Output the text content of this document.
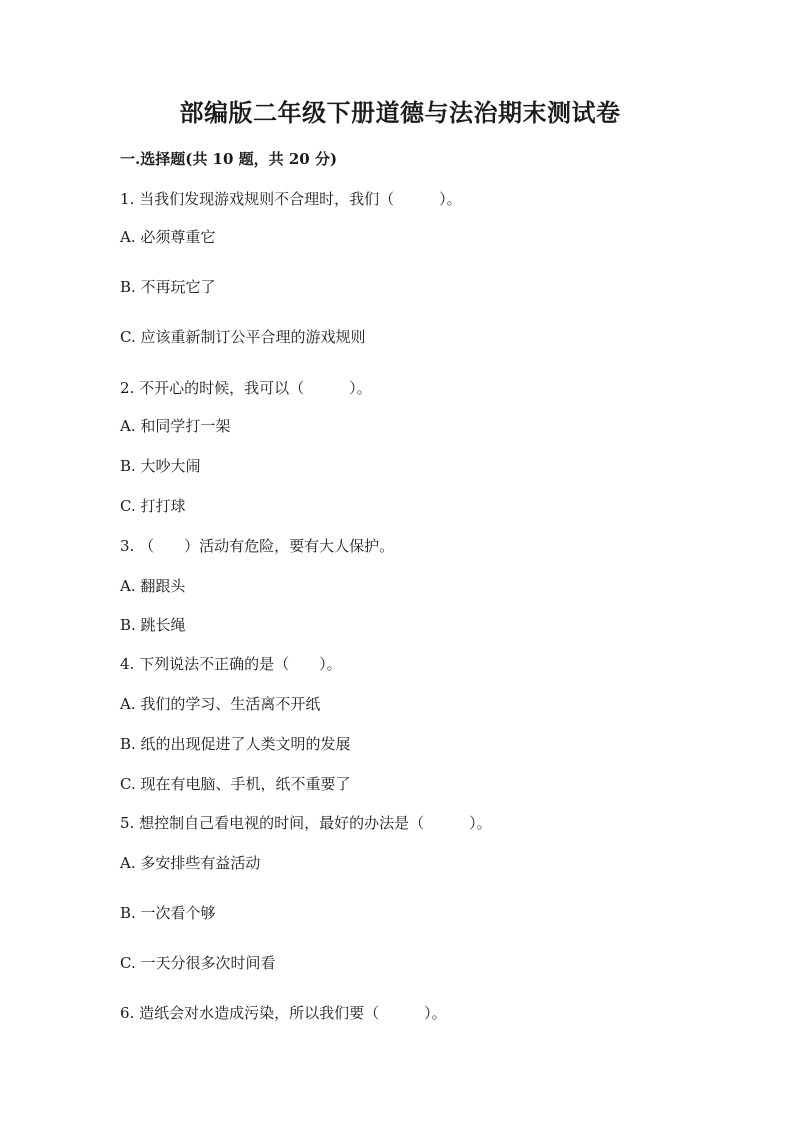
部编版二年级下册道德与法治期末测试卷
一.选择题(共 10 题，共 20 分)
1. 当我们发现游戏规则不合理时，我们（　　　）。
A. 必须尊重它
B. 不再玩它了
C. 应该重新制订公平合理的游戏规则
2. 不开心的时候，我可以（　　　）。
A. 和同学打一架
B. 大吵大闹
C. 打打球
3. （　　）活动有危险，要有大人保护。
A. 翻跟头
B. 跳长绳
4. 下列说法不正确的是（　　）。
A. 我们的学习、生活离不开纸
B. 纸的出现促进了人类文明的发展
C. 现在有电脑、手机，纸不重要了
5. 想控制自己看电视的时间，最好的办法是（　　　）。
A. 多安排些有益活动
B. 一次看个够
C. 一天分很多次时间看
6. 造纸会对水造成污染，所以我们要（　　　）。
